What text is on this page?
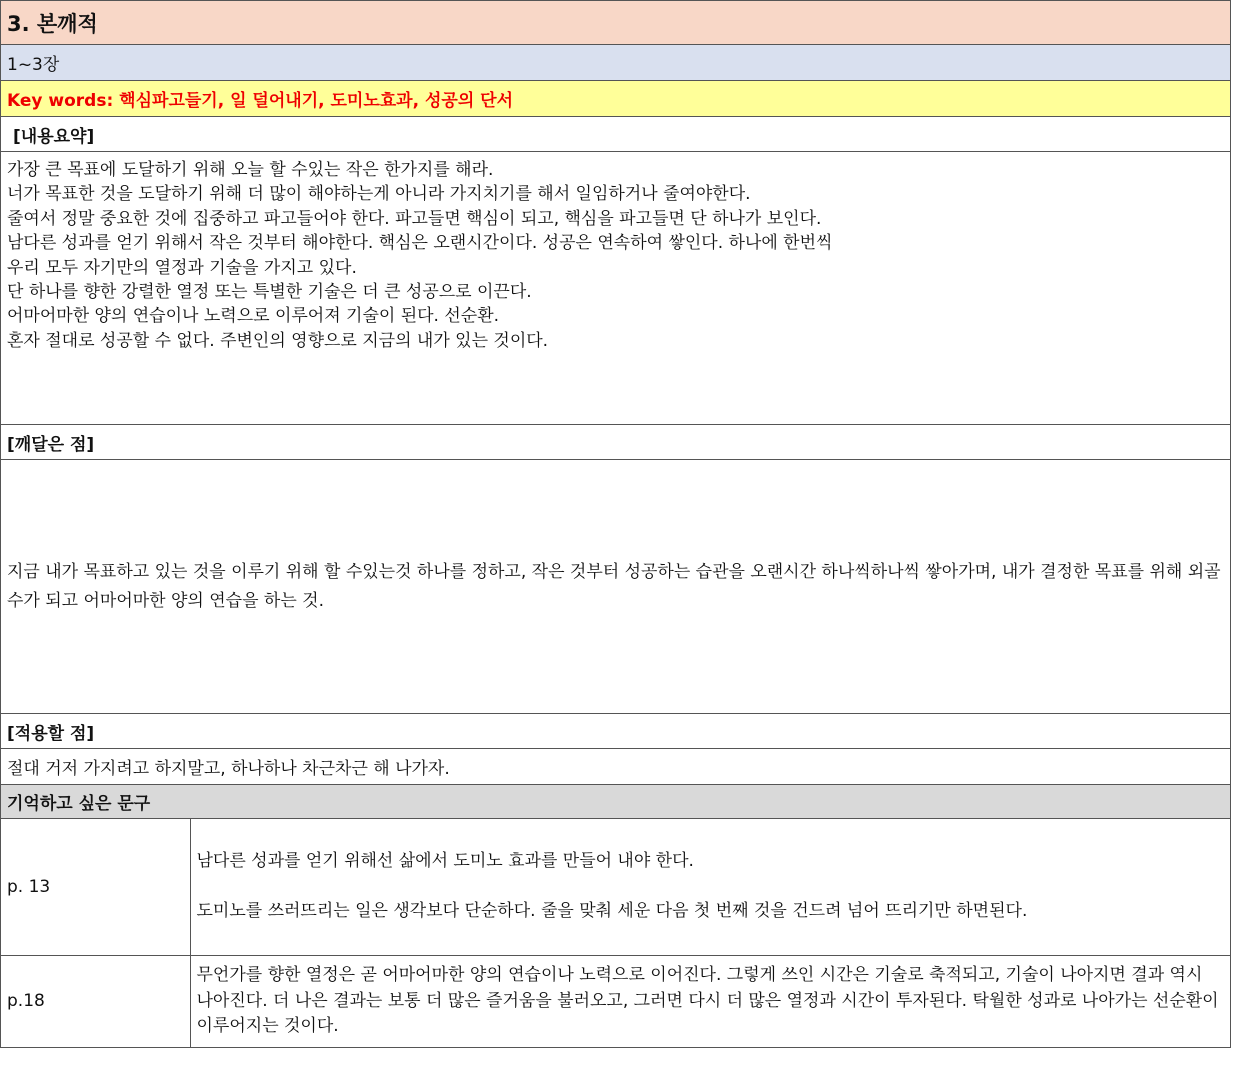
3. 본깨적
1~3장
Key words: 핵심파고들기, 일 덜어내기, 도미노효과, 성공의 단서
[내용요약]
가장 큰 목표에 도달하기 위해 오늘 할 수있는 작은 한가지를 해라.
너가 목표한 것을 도달하기 위해 더 많이 해야하는게 아니라 가지치기를 해서 일임하거나 줄여야한다.
줄여서 정말 중요한 것에 집중하고 파고들어야 한다. 파고들면 핵심이 되고, 핵심을 파고들면 단 하나가 보인다.
남다른 성과를 얻기 위해서 작은 것부터 해야한다. 핵심은 오랜시간이다. 성공은 연속하여 쌓인다. 하나에 한번씩
우리 모두 자기만의 열정과 기술을 가지고 있다.
단 하나를 향한 강렬한 열정 또는 특별한 기술은 더 큰 성공으로 이끈다.
어마어마한 양의 연습이나 노력으로 이루어져 기술이 된다. 선순환.
혼자 절대로 성공할 수 없다. 주변인의 영향으로 지금의 내가 있는 것이다.
[깨달은 점]
지금 내가 목표하고 있는 것을 이루기 위해 할 수있는것 하나를 정하고, 작은 것부터 성공하는 습관을 오랜시간 하나씩하나씩 쌓아가며, 내가 결정한 목표를 위해 외골수가 되고 어마어마한 양의 연습을 하는 것.
[적용할 점]
절대 거저 가지려고 하지말고, 하나하나 차근차근 해 나가자.
기억하고 싶은 문구
p. 13	남다른 성과를 얻기 위해선 삶에서 도미노 효과를 만들어 내야 한다.
도미노를 쓰러뜨리는 일은 생각보다 단순하다. 줄을 맞춰 세운 다음 첫 번째 것을 건드려 넘어 뜨리기만 하면된다.

p.18	무언가를 향한 열정은 곧 어마어마한 양의 연습이나 노력으로 이어진다. 그렇게 쓰인 시간은 기술로 축적되고, 기술이 나아지면 결과 역시 나아진다. 더 나은 결과는 보통 더 많은 즐거움을 불러오고, 그러면 다시 더 많은 열정과 시간이 투자된다. 탁월한 성과로 나아가는 선순환이 이루어지는 것이다.
